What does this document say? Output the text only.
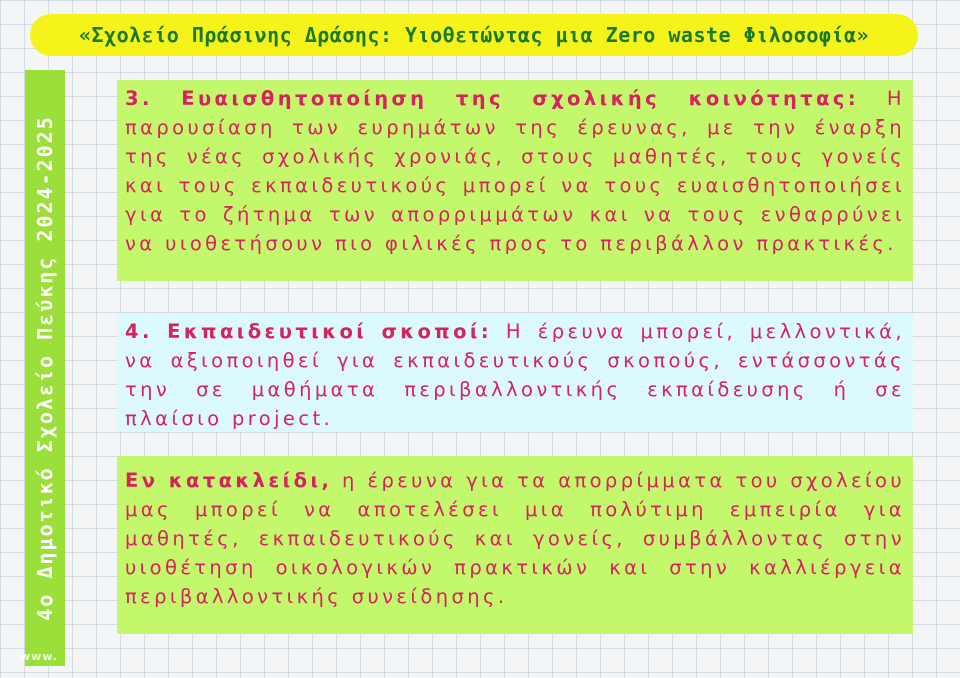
«Σχολείο Πράσινης Δράσης: Υιοθετώντας μια Zero waste Φιλοσοφία»
4ο Δημοτικό Σχολείο Πεύκης 2024-2025
3. Ευαισθητοποίηση της σχολικής κοινότητας: Η παρουσίαση των ευρημάτων της έρευνας, με την έναρξη της νέας σχολικής χρονιάς, στους μαθητές, τους γονείς και τους εκπαιδευτικούς μπορεί να τους ευαισθητοποιήσει για το ζήτημα των απορριμμάτων και να τους ενθαρρύνει να υιοθετήσουν πιο φιλικές προς το περιβάλλον πρακτικές.
4. Εκπαιδευτικοί σκοποί: Η έρευνα μπορεί, μελλοντικά, να αξιοποιηθεί για εκπαιδευτικούς σκοπούς, εντάσσοντάς την σε μαθήματα περιβαλλοντικής εκπαίδευσης ή σε πλαίσιο project.
Εν κατακλείδι, η έρευνα για τα απορρίμματα του σχολείου μας μπορεί να αποτελέσει μια πολύτιμη εμπειρία για μαθητές, εκπαιδευτικούς και γονείς, συμβάλλοντας στην υιοθέτηση οικολογικών πρακτικών και στην καλλιέργεια περιβαλλοντικής συνείδησης.
www.
